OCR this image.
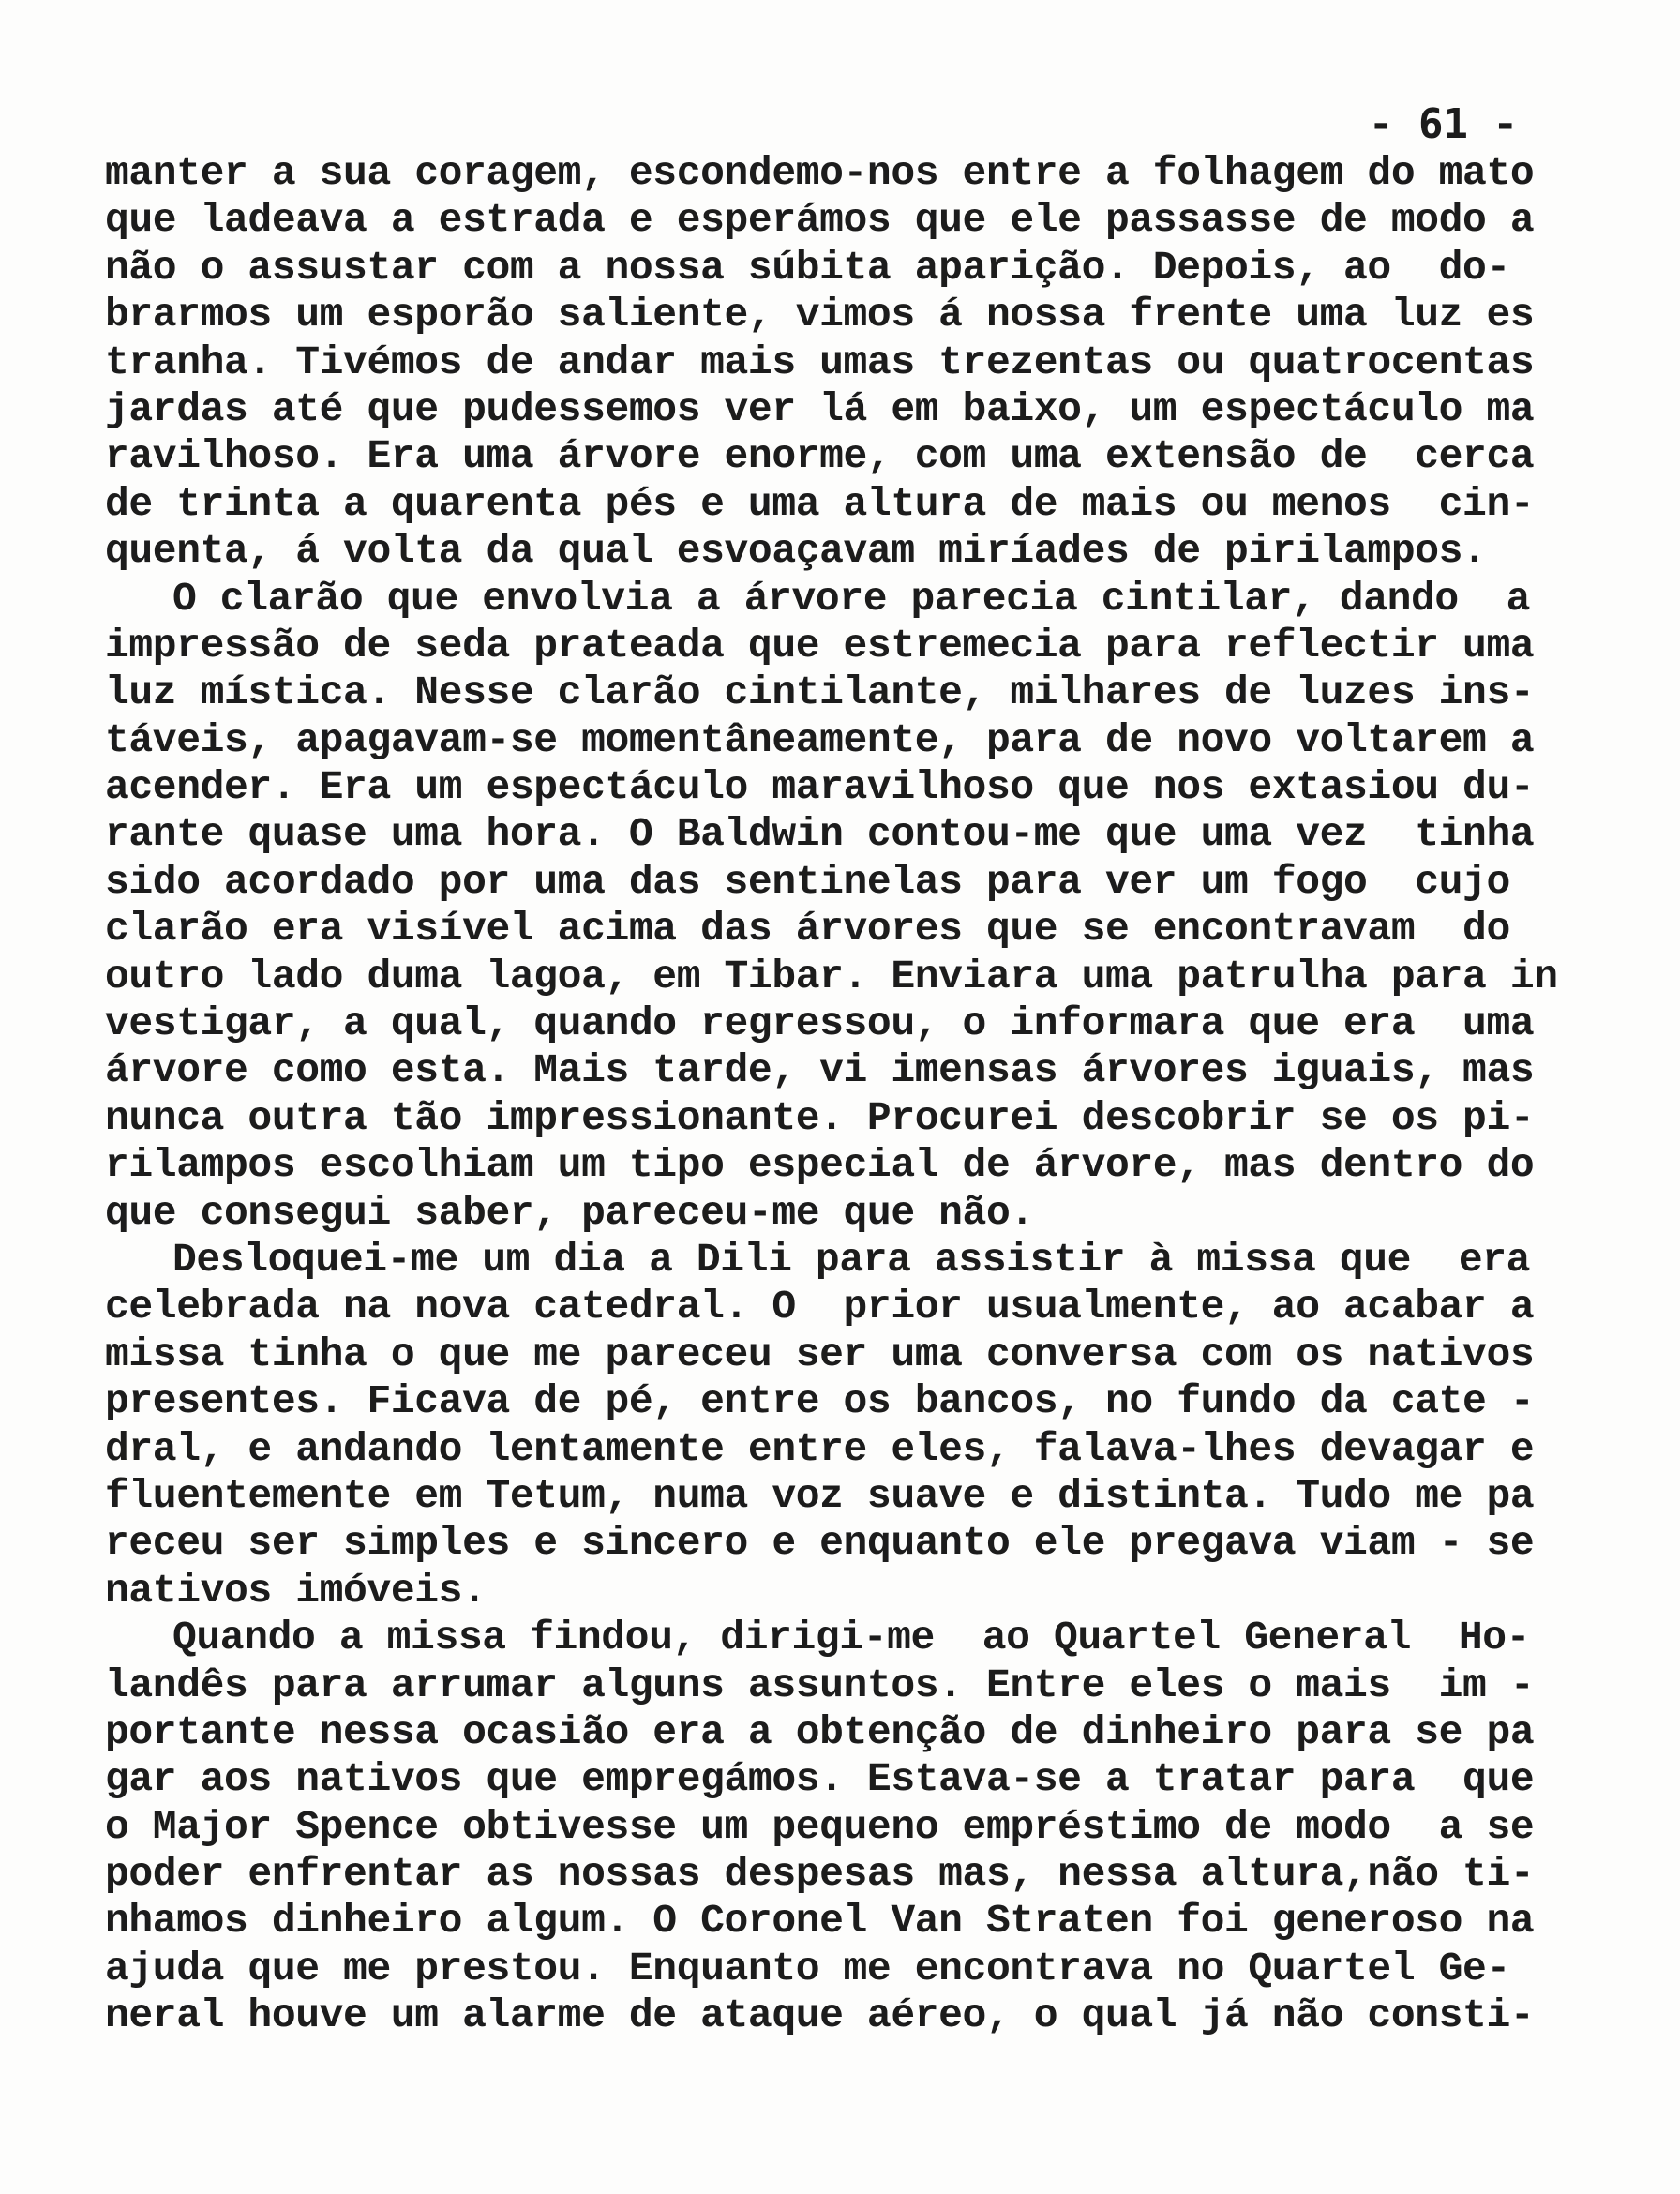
- 61 -
manter a sua coragem, escondemo-nos entre a folhagem do mato
que ladeava a estrada e esperámos que ele passasse de modo a
não o assustar com a nossa súbita aparição. Depois, ao  do-
brarmos um esporão saliente, vimos á nossa frente uma luz es
tranha. Tivémos de andar mais umas trezentas ou quatrocentas
jardas até que pudessemos ver lá em baixo, um espectáculo ma
ravilhoso. Era uma árvore enorme, com uma extensão de  cerca
de trinta a quarenta pés e uma altura de mais ou menos  cin-
quenta, á volta da qual esvoaçavam miríades de pirilampos.
O clarão que envolvia a árvore parecia cintilar, dando  a
impressão de seda prateada que estremecia para reflectir uma
luz mística. Nesse clarão cintilante, milhares de luzes ins-
táveis, apagavam-se momentâneamente, para de novo voltarem a
acender. Era um espectáculo maravilhoso que nos extasiou du-
rante quase uma hora. O Baldwin contou-me que uma vez  tinha
sido acordado por uma das sentinelas para ver um fogo  cujo
clarão era visível acima das árvores que se encontravam  do
outro lado duma lagoa, em Tibar. Enviara uma patrulha para in
vestigar, a qual, quando regressou, o informara que era  uma
árvore como esta. Mais tarde, vi imensas árvores iguais, mas
nunca outra tão impressionante. Procurei descobrir se os pi-
rilampos escolhiam um tipo especial de árvore, mas dentro do
que consegui saber, pareceu-me que não.
Desloquei-me um dia a Dili para assistir à missa que  era
celebrada na nova catedral. O  prior usualmente, ao acabar a
missa tinha o que me pareceu ser uma conversa com os nativos
presentes. Ficava de pé, entre os bancos, no fundo da cate -
dral, e andando lentamente entre eles, falava-lhes devagar e
fluentemente em Tetum, numa voz suave e distinta. Tudo me pa
receu ser simples e sincero e enquanto ele pregava viam - se
nativos imóveis.
Quando a missa findou, dirigi-me  ao Quartel General  Ho-
landês para arrumar alguns assuntos. Entre eles o mais  im -
portante nessa ocasião era a obtenção de dinheiro para se pa
gar aos nativos que empregámos. Estava-se a tratar para  que
o Major Spence obtivesse um pequeno empréstimo de modo  a se
poder enfrentar as nossas despesas mas, nessa altura,não ti-
nhamos dinheiro algum. O Coronel Van Straten foi generoso na
ajuda que me prestou. Enquanto me encontrava no Quartel Ge-
neral houve um alarme de ataque aéreo, o qual já não consti-
